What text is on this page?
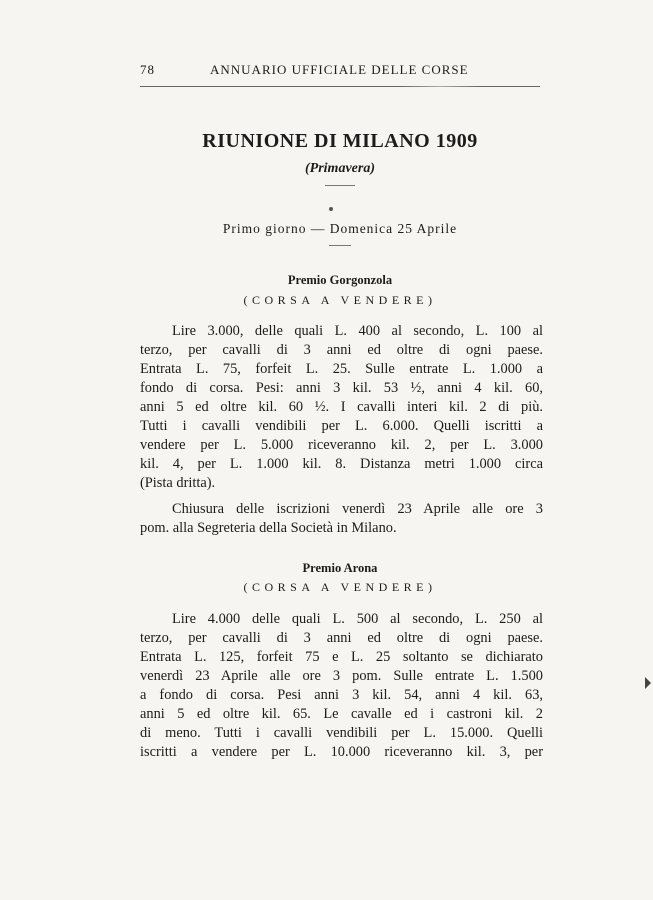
78	ANNUARIO UFFICIALE DELLE CORSE
RIUNIONE DI MILANO 1909
(Primavera)
Primo giorno — Domenica 25 Aprile
Premio Gorgonzola
(CORSA A VENDERE)
Lire 3.000, delle quali L. 400 al secondo, L. 100 al
terzo, per cavalli di 3 anni ed oltre di ogni paese.
Entrata L. 75, forfeit L. 25. Sulle entrate L. 1.000 a
fondo di corsa. Pesi: anni 3 kil. 53 ½, anni 4 kil. 60,
anni 5 ed oltre kil. 60 ½. I cavalli interi kil. 2 di più.
Tutti i cavalli vendibili per L. 6.000. Quelli iscritti a
vendere per L. 5.000 riceveranno kil. 2, per L. 3.000
kil. 4, per L. 1.000 kil. 8. Distanza metri 1.000 circa
(Pista dritta).
Chiusura delle iscrizioni venerdì 23 Aprile alle ore 3
pom. alla Segreteria della Società in Milano.
Premio Arona
(CORSA A VENDERE)
Lire 4.000 delle quali L. 500 al secondo, L. 250 al
terzo, per cavalli di 3 anni ed oltre di ogni paese.
Entrata L. 125, forfeit 75 e L. 25 soltanto se dichiarato
venerdì 23 Aprile alle ore 3 pom. Sulle entrate L. 1.500
a fondo di corsa. Pesi anni 3 kil. 54, anni 4 kil. 63,
anni 5 ed oltre kil. 65. Le cavalle ed i castroni kil. 2
di meno. Tutti i cavalli vendibili per L. 15.000. Quelli
iscritti a vendere per L. 10.000 riceveranno kil. 3, per
